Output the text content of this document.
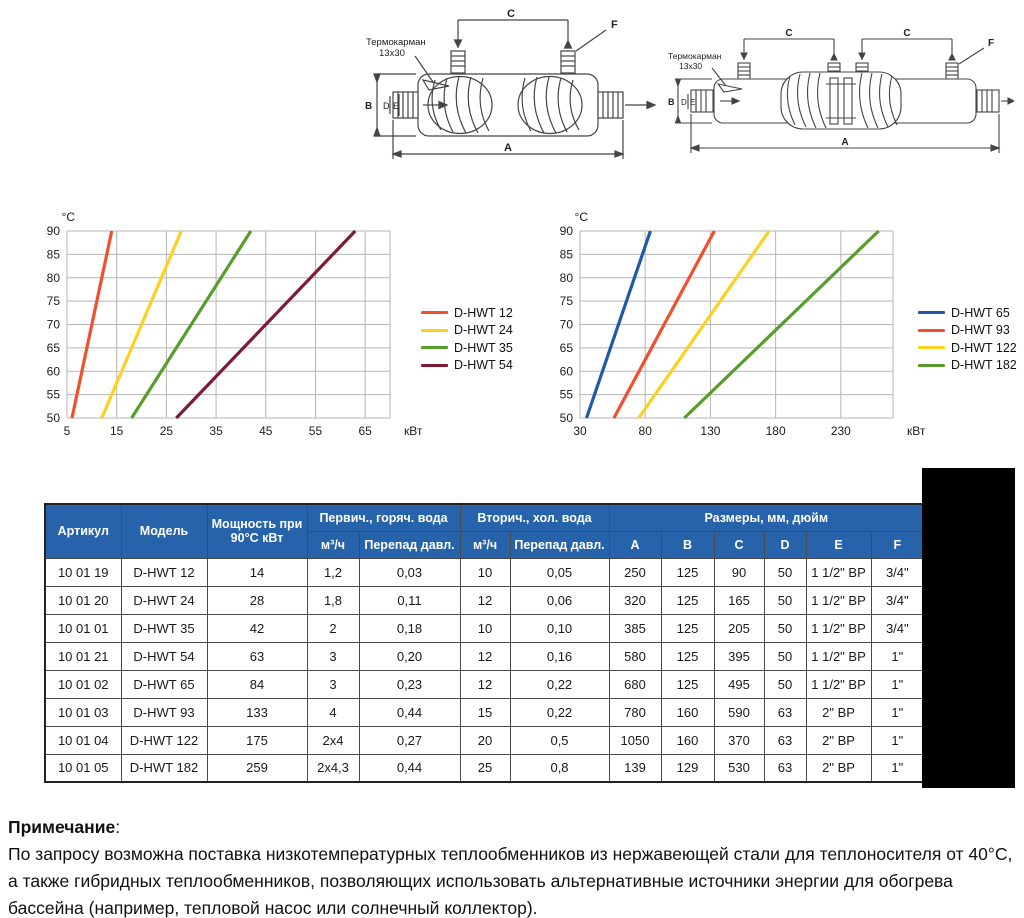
C
F
Термокарман
13х30
B D E
A
C	C
F
Термокарман
13х30
B D E
A
5	15	25	35	45	55	65
50
55
60
65
70
75
80
85
90
°C
кВт
D-HWT 12
D-HWT 24
D-HWT 35
D-HWT 54
30	80	130	180	230
50
55
60
65
70
75
80
85
90
°C
кВт
D-HWT 65
D-HWT 93
D-HWT 122
D-HWT 182
Артикул	Модель	Мощность при 90°С кВт	Первич., горяч. вода		Вторич., хол. вода		Размеры, мм, дюйм					
			м³/ч	Перепад давл.	м³/ч	Перепад давл.	A	B	C	D	E	F
10 01 19	D-HWT 12	14	1,2	0,03	10	0,05	250	125	90	50	1 1/2" ВР	3/4"
10 01 20	D-HWT 24	28	1,8	0,11	12	0,06	320	125	165	50	1 1/2" ВР	3/4"
10 01 01	D-HWT 35	42	2	0,18	10	0,10	385	125	205	50	1 1/2" ВР	3/4"
10 01 21	D-HWT 54	63	3	0,20	12	0,16	580	125	395	50	1 1/2" ВР	1"
10 01 02	D-HWT 65	84	3	0,23	12	0,22	680	125	495	50	1 1/2" ВР	1"
10 01 03	D-HWT 93	133	4	0,44	15	0,22	780	160	590	63	2" ВР	1"
10 01 04	D-HWT 122	175	2х4	0,27	20	0,5	1050	160	370	63	2" ВР	1"
10 01 05	D-HWT 182	259	2х4,3	0,44	25	0,8	139	129	530	63	2" ВР	1"
Примечание:
По запросу возможна поставка низкотемпературных теплообменников из нержавеющей стали для теплоносителя от 40°С, а также гибридных теплообменников, позволяющих использовать альтернативные источники энергии для обогрева бассейна (например, тепловой насос или солнечный коллектор).
